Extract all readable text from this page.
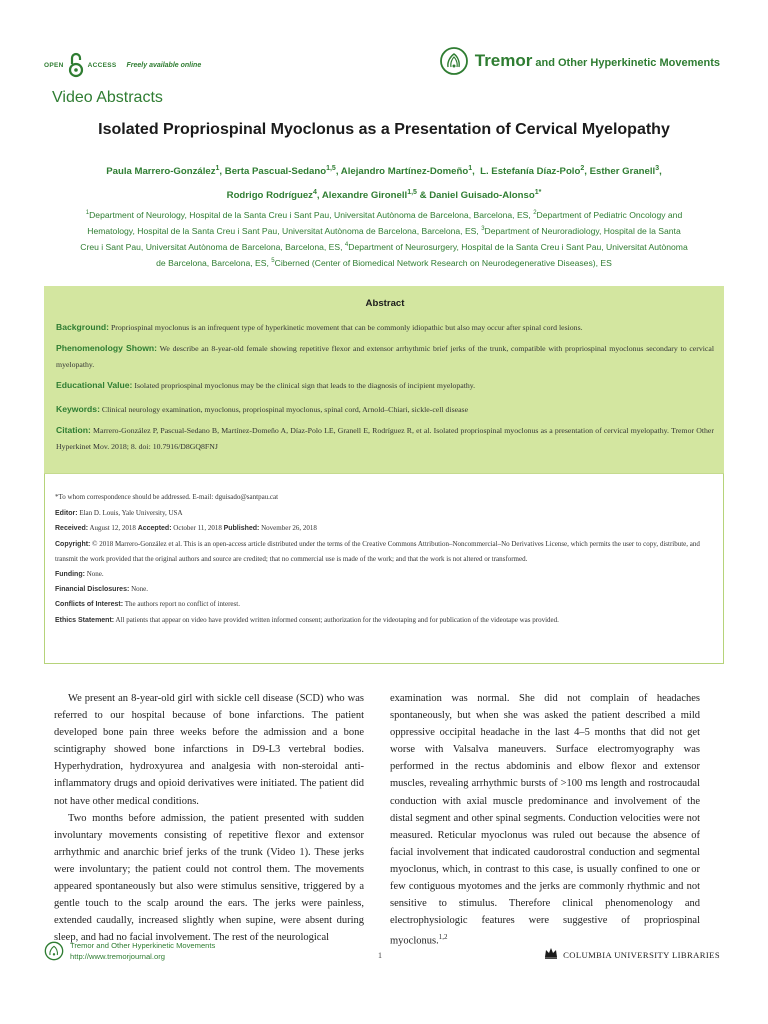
OPEN	ACCESS Freely available online	Tremor and Other Hyperkinetic Movements
Video Abstracts
Isolated Propriospinal Myoclonus as a Presentation of Cervical Myelopathy
Paula Marrero-González$^1$, Berta Pascual-Sedano$^{1,5}$, Alejandro Martínez-Domeño$^1$,  L. Estefanía Díaz-Polo$^2$, Esther Granell$^3$,
Rodrigo Rodríguez$^4$, Alexandre Gironell$^{1,5}$ & Daniel Guisado-Alonso$^{1*}$
$^1$Department of Neurology, Hospital de la Santa Creu i Sant Pau, Universitat Autònoma de Barcelona, Barcelona, ES, $^2$Department of Pediatric Oncology and Hematology, Hospital de la Santa Creu i Sant Pau, Universitat Autònoma de Barcelona, Barcelona, ES, $^3$Department of Neuroradiology, Hospital de la Santa Creu i Sant Pau, Universitat Autònoma de Barcelona, Barcelona, ES, $^4$Department of Neurosurgery, Hospital de la Santa Creu i Sant Pau, Universitat Autònoma de Barcelona, Barcelona, ES, $^5$Ciberned (Center of Biomedical Network Research on Neurodegenerative Diseases), ES
Abstract

Background: Propriospinal myoclonus is an infrequent type of hyperkinetic movement that can be commonly idiopathic but also may occur after spinal cord lesions.

Phenomenology Shown: We describe an 8-year-old female showing repetitive flexor and extensor arrhythmic brief jerks of the trunk, compatible with propriospinal myoclonus secondary to cervical myelopathy.

Educational Value: Isolated propriospinal myoclonus may be the clinical sign that leads to the diagnosis of incipient myelopathy.

Keywords: Clinical neurology examination, myoclonus, propriospinal myoclonus, spinal cord, Arnold–Chiari, sickle-cell disease

Citation: Marrero-González P, Pascual-Sedano B, Martínez-Domeño A, Díaz-Polo LE, Granell E, Rodríguez R, et al. Isolated propriospinal myoclonus as a presentation of cervical myelopathy. Tremor Other Hyperkinet Mov. 2018; 8. doi: 10.7916/D8GQ8FNJ

*To whom correspondence should be addressed. E-mail: dguisado@santpau.cat

Editor: Elan D. Louis, Yale University, USA

Received: August 12, 2018 Accepted: October 11, 2018 Published: November 26, 2018

Copyright: © 2018 Marrero-González et al. This is an open-access article distributed under the terms of the Creative Commons Attribution–Noncommercial–No Derivatives License, which permits the user to copy, distribute, and transmit the work provided that the original authors and source are credited; that no commercial use is made of the work; and that the work is not altered or transformed.

Funding: None.

Financial Disclosures: None.

Conflicts of Interest: The authors report no conflict of interest.

Ethics Statement: All patients that appear on video have provided written informed consent; authorization for the videotaping and for publication of the videotape was provided.

We present an 8-year-old girl with sickle cell disease (SCD) who was referred to our hospital because of bone infarctions. The patient developed bone pain three weeks before the admission and a bone scintigraphy showed bone infarctions in D9-L3 vertebral bodies. Hyperhydration, hydroxyurea and analgesia with non-steroidal anti-inflammatory drugs and opioid derivatives were initiated. The patient did not have other medical conditions.

Two months before admission, the patient presented with sudden involuntary movements consisting of repetitive flexor and extensor arrhythmic and anarchic brief jerks of the trunk (Video 1). These jerks were involuntary; the patient could not control them. The movements appeared spontaneously but also were stimulus sensitive, triggered by a gentle touch to the scalp around the ears. The jerks were painless, extended caudally, increased slightly when supine, were absent during sleep, and had no facial involvement. The rest of the neurological

examination was normal. She did not complain of headaches spontaneously, but when she was asked the patient described a mild oppressive occipital headache in the last 4–5 months that did not get worse with Valsalva maneuvers. Surface electromyography was performed in the rectus abdominis and elbow flexor and extensor muscles, revealing arrhythmic bursts of >100 ms length and rostrocaudal conduction with axial muscle predominance and involvement of the distal segment and other spinal segments. Conduction velocities were not measured. Reticular myoclonus was ruled out because the absence of facial involvement that indicated caudorostral conduction and segmental myoclonus, which, in contrast to this case, is usually confined to one or few contiguous myotomes and the jerks are commonly rhythmic and not sensitive to stimulus. Therefore clinical phenomenology and electrophysiologic features were suggestive of propriospinal myoclonus.$^{1,2}$

Tremor and Other Hyperkinetic Movements
http://www.tremorjournal.org	1	COLUMBIA UNIVERSITY LIBRARIES
